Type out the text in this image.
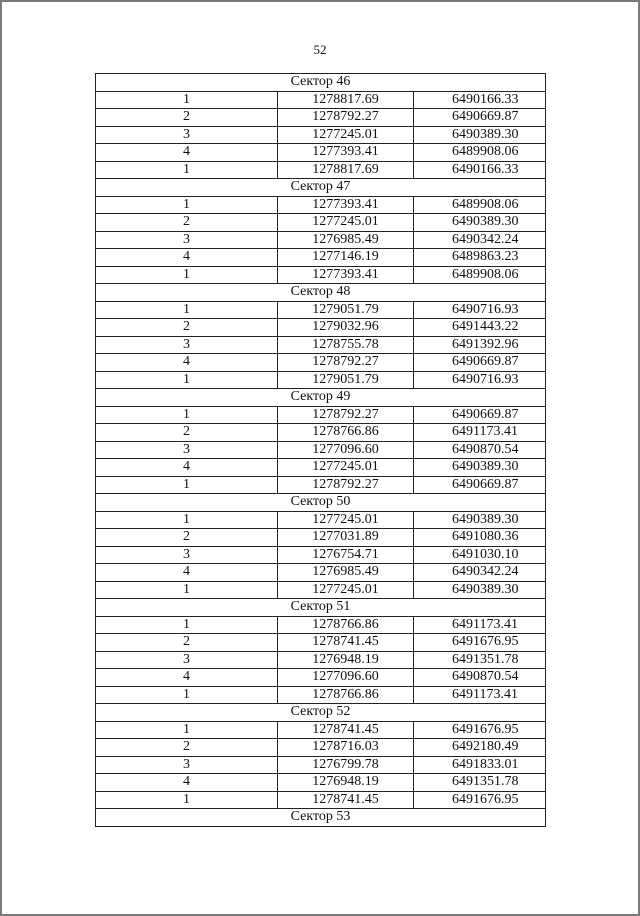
52
Сектор 46		
1	1278817.69	6490166.33
2	1278792.27	6490669.87
3	1277245.01	6490389.30
4	1277393.41	6489908.06
1	1278817.69	6490166.33
Сектор 47		
1	1277393.41	6489908.06
2	1277245.01	6490389.30
3	1276985.49	6490342.24
4	1277146.19	6489863.23
1	1277393.41	6489908.06
Сектор 48		
1	1279051.79	6490716.93
2	1279032.96	6491443.22
3	1278755.78	6491392.96
4	1278792.27	6490669.87
1	1279051.79	6490716.93
Сектор 49		
1	1278792.27	6490669.87
2	1278766.86	6491173.41
3	1277096.60	6490870.54
4	1277245.01	6490389.30
1	1278792.27	6490669.87
Сектор 50		
1	1277245.01	6490389.30
2	1277031.89	6491080.36
3	1276754.71	6491030.10
4	1276985.49	6490342.24
1	1277245.01	6490389.30
Сектор 51		
1	1278766.86	6491173.41
2	1278741.45	6491676.95
3	1276948.19	6491351.78
4	1277096.60	6490870.54
1	1278766.86	6491173.41
Сектор 52		
1	1278741.45	6491676.95
2	1278716.03	6492180.49
3	1276799.78	6491833.01
4	1276948.19	6491351.78
1	1278741.45	6491676.95
Сектор 53		
